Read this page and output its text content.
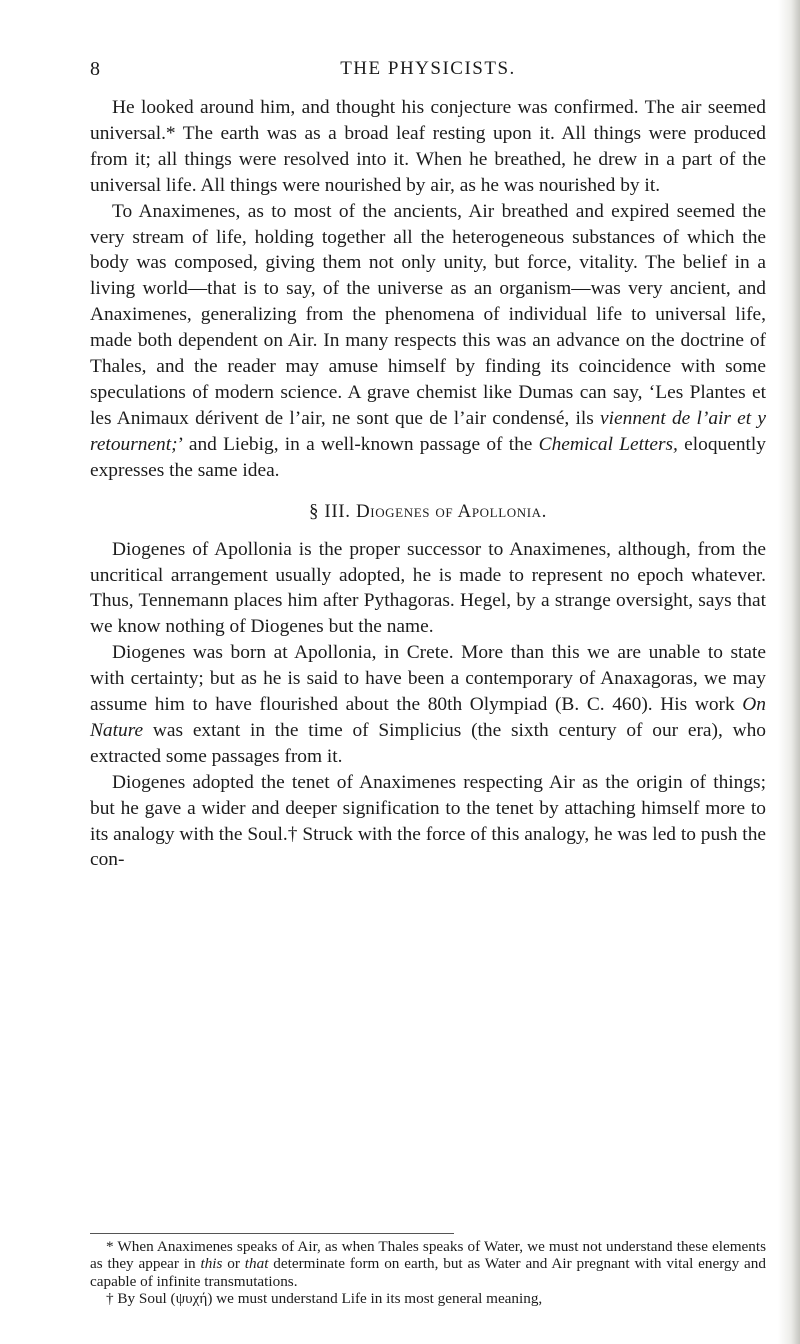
8	THE PHYSICISTS.

He looked around him, and thought his conjecture was confirmed. The air seemed universal.* The earth was as a broad leaf resting upon it. All things were produced from it; all things were resolved into it. When he breathed, he drew in a part of the universal life. All things were nourished by air, as he was nourished by it.

To Anaximenes, as to most of the ancients, Air breathed and expired seemed the very stream of life, holding together all the heterogeneous substances of which the body was composed, giving them not only unity, but force, vitality. The belief in a living world—that is to say, of the universe as an organism—was very ancient, and Anaximenes, generalizing from the phenomena of individual life to universal life, made both dependent on Air. In many respects this was an advance on the doctrine of Thales, and the reader may amuse himself by finding its coincidence with some speculations of modern science. A grave chemist like Dumas can say, ‘Les Plantes et les Animaux dérivent de l’air, ne sont que de l’air condensé, ils viennent de l’air et y retournent;’ and Liebig, in a well-known passage of the Chemical Letters, eloquently expresses the same idea.

§ III. Diogenes of Apollonia.

Diogenes of Apollonia is the proper successor to Anaximenes, although, from the uncritical arrangement usually adopted, he is made to represent no epoch whatever. Thus, Tennemann places him after Pythagoras. Hegel, by a strange oversight, says that we know nothing of Diogenes but the name.

Diogenes was born at Apollonia, in Crete. More than this we are unable to state with certainty; but as he is said to have been a contemporary of Anaxagoras, we may assume him to have flourished about the 80th Olympiad (B. C. 460). His work On Nature was extant in the time of Simplicius (the sixth century of our era), who extracted some passages from it.

Diogenes adopted the tenet of Anaximenes respecting Air as the origin of things; but he gave a wider and deeper signification to the tenet by attaching himself more to its analogy with the Soul.† Struck with the force of this analogy, he was led to push the con-

* When Anaximenes speaks of Air, as when Thales speaks of Water, we must not understand these elements as they appear in this or that determinate form on earth, but as Water and Air pregnant with vital energy and capable of infinite transmutations.

† By Soul (ψυχή) we must understand Life in its most general meaning,
